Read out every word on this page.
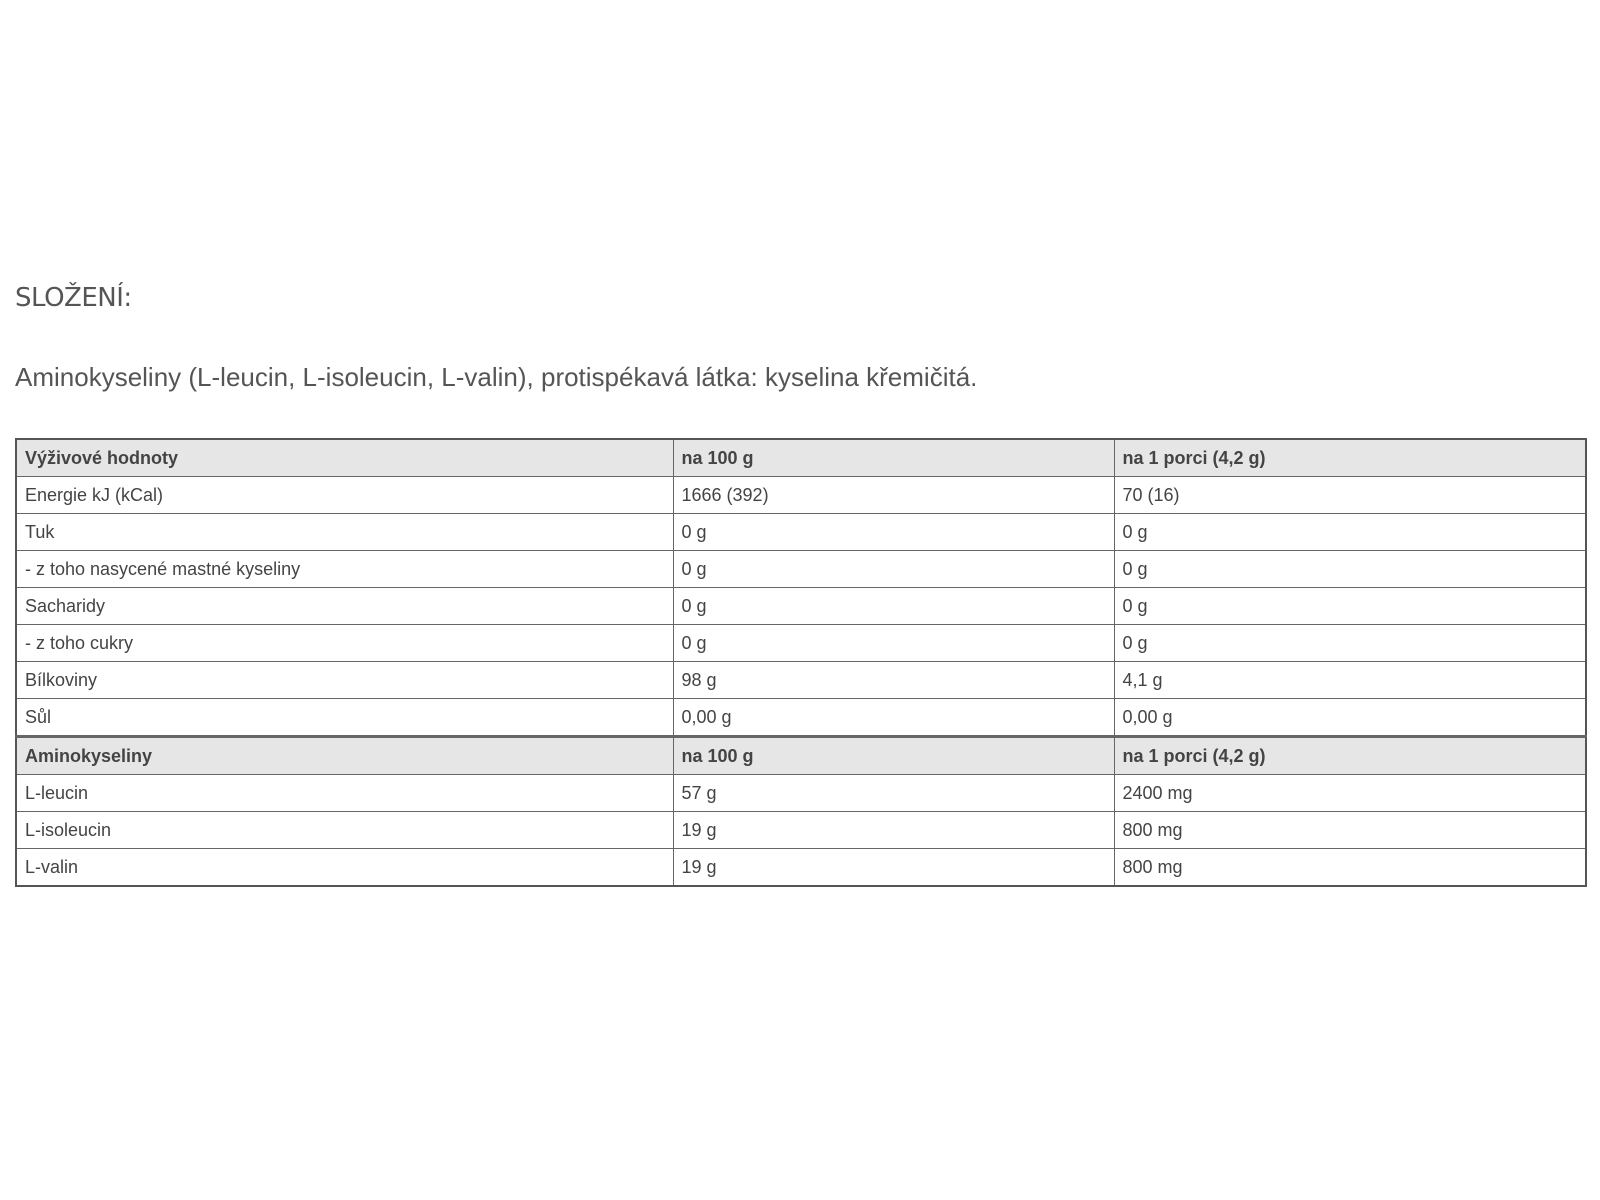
SLOŽENÍ:

Aminokyseliny (L-leucin, L-isoleucin, L-valin), protispékavá látka: kyselina křemičitá.

Výživové hodnoty	na 100 g	na 1 porci (4,2 g)
Energie kJ (kCal)	1666 (392)	70 (16)
Tuk	0 g	0 g
- z toho nasycené mastné kyseliny	0 g	0 g
Sacharidy	0 g	0 g
- z toho cukry	0 g	0 g
Bílkoviny	98 g	4,1 g
Sůl	0,00 g	0,00 g
Aminokyseliny	na 100 g	na 1 porci (4,2 g)
L-leucin	57 g	2400 mg
L-isoleucin	19 g	800 mg
L-valin	19 g	800 mg
